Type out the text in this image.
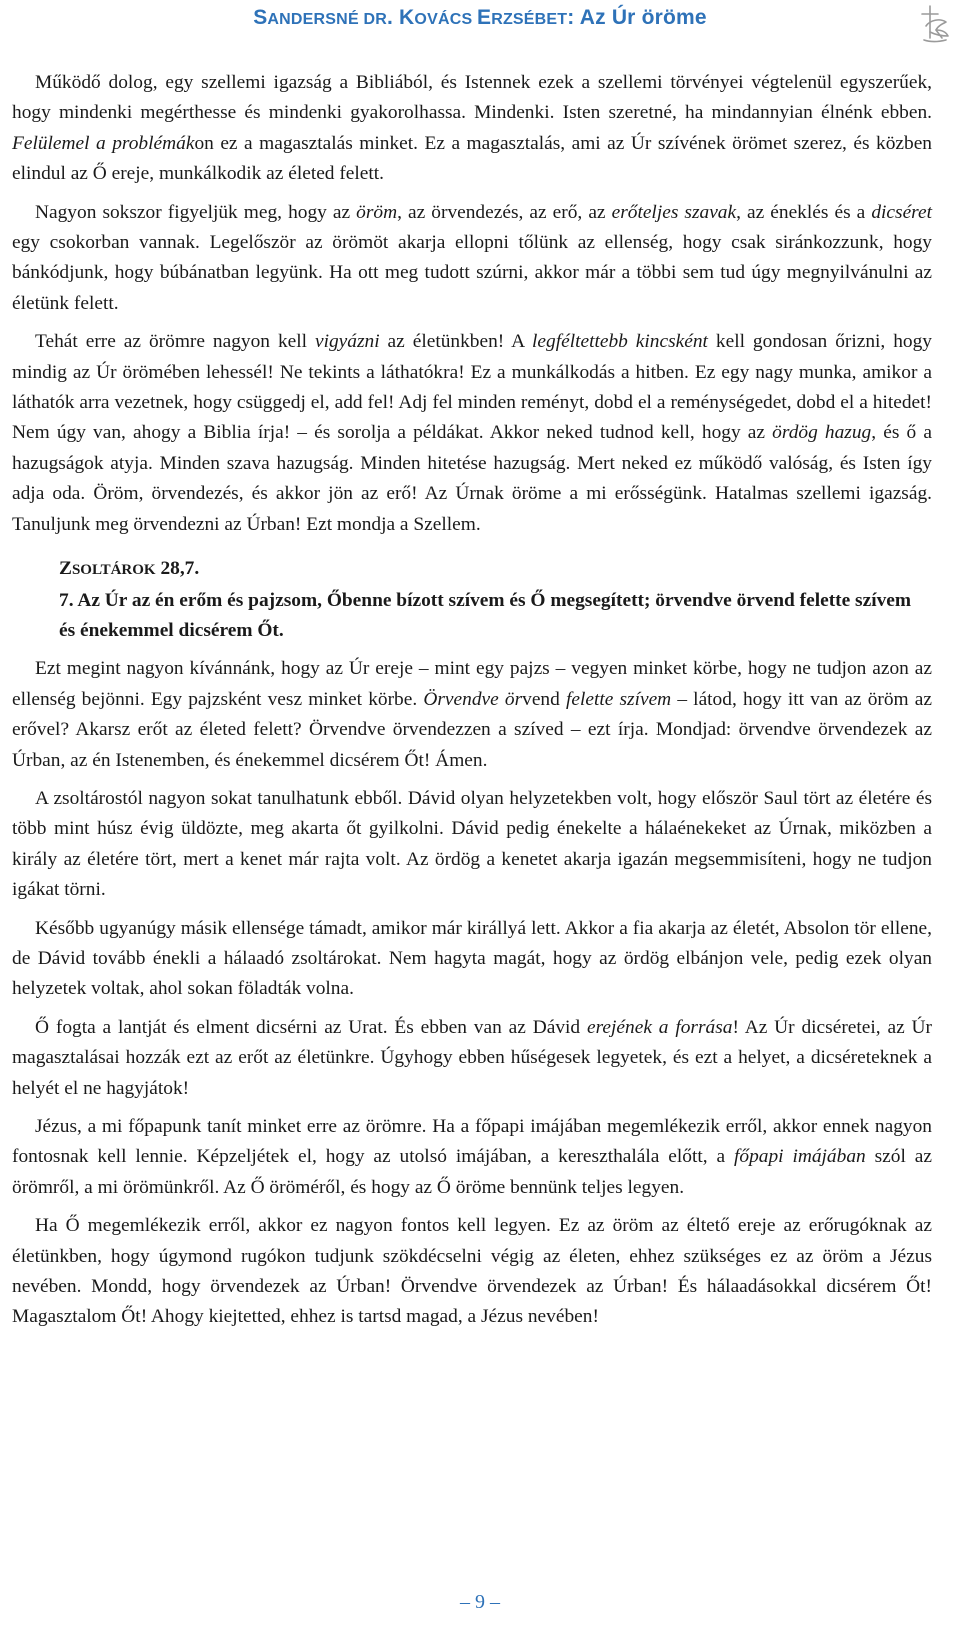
SANDERSNÉ DR. KOVÁCS ERZSÉBET: Az Úr öröme

Működő dolog, egy szellemi igazság a Bibliából, és Istennek ezek a szellemi törvényei végtelenül egyszerűek, hogy mindenki megérthesse és mindenki gyakorolhassa. Mindenki. Isten szeretné, ha mindannyian élnénk ebben. Felülemel a problémákon ez a magasztalás minket. Ez a magasztalás, ami az Úr szívének örömet szerez, és közben elindul az Ő ereje, munkálkodik az életed felett.

Nagyon sokszor figyeljük meg, hogy az öröm, az örvendezés, az erő, az erőteljes szavak, az éneklés és a dicséret egy csokorban vannak. Legelőször az örömöt akarja ellopni tőlünk az ellenség, hogy csak siránkozzunk, hogy bánkódjunk, hogy búbánatban legyünk. Ha ott meg tudott szúrni, akkor már a többi sem tud úgy megnyilvánulni az életünk felett.

Tehát erre az örömre nagyon kell vigyázni az életünkben! A legféltettebb kincsként kell gondosan őrizni, hogy mindig az Úr örömében lehessél! Ne tekints a láthatókra! Ez a munkálkodás a hitben. Ez egy nagy munka, amikor a láthatók arra vezetnek, hogy csüggedj el, add fel! Adj fel minden reményt, dobd el a reménységedet, dobd el a hitedet! Nem úgy van, ahogy a Biblia írja! – és sorolja a példákat. Akkor neked tudnod kell, hogy az ördög hazug, és ő a hazugságok atyja. Minden szava hazugság. Minden hitetése hazugság. Mert neked ez működő valóság, és Isten így adja oda. Öröm, örvendezés, és akkor jön az erő! Az Úrnak öröme a mi erősségünk. Hatalmas szellemi igazság. Tanuljunk meg örvendezni az Úrban! Ezt mondja a Szellem.

ZSOLTÁROK 28,7.
7. Az Úr az én erőm és pajzsom, Őbenne bízott szívem és Ő megsegített; örvendve örvend felette szívem és énekemmel dicsérem Őt.

Ezt megint nagyon kívánnánk, hogy az Úr ereje – mint egy pajzs – vegyen minket körbe, hogy ne tudjon azon az ellenség bejönni. Egy pajzsként vesz minket körbe. Örvendve örvend felette szívem – látod, hogy itt van az öröm az erővel? Akarsz erőt az életed felett? Örvendve örvendezzen a szíved – ezt írja. Mondjad: örvendve örvendezek az Úrban, az én Istenemben, és énekemmel dicsérem Őt! Ámen.

A zsoltárostól nagyon sokat tanulhatunk ebből. Dávid olyan helyzetekben volt, hogy először Saul tört az életére és több mint húsz évig üldözte, meg akarta őt gyilkolni. Dávid pedig énekelte a hálaénekeket az Úrnak, miközben a király az életére tört, mert a kenet már rajta volt. Az ördög a kenetet akarja igazán megsemmisíteni, hogy ne tudjon igákat törni.

Később ugyanúgy másik ellensége támadt, amikor már királlyá lett. Akkor a fia akarja az életét, Absolon tör ellene, de Dávid tovább énekli a hálaadó zsoltárokat. Nem hagyta magát, hogy az ördög elbánjon vele, pedig ezek olyan helyzetek voltak, ahol sokan föladták volna.

Ő fogta a lantját és elment dicsérni az Urat. És ebben van az Dávid erejének a forrása! Az Úr dicséretei, az Úr magasztalásai hozzák ezt az erőt az életünkre. Úgyhogy ebben hűségesek legyetek, és ezt a helyet, a dicséreteknek a helyét el ne hagyjátok!

Jézus, a mi főpapunk tanít minket erre az örömre. Ha a főpapi imájában megemlékezik erről, akkor ennek nagyon fontosnak kell lennie. Képzeljétek el, hogy az utolsó imájában, a kereszthalála előtt, a főpapi imájában szól az örömről, a mi örömünkről. Az Ő öröméről, és hogy az Ő öröme bennünk teljes legyen.

Ha Ő megemlékezik erről, akkor ez nagyon fontos kell legyen. Ez az öröm az éltető ereje az erőrugóknak az életünkben, hogy úgymond rugókon tudjunk szökdécselni végig az életen, ehhez szükséges ez az öröm a Jézus nevében. Mondd, hogy örvendezek az Úrban! Örvendve örvendezek az Úrban! És hálaadásokkal dicsérem Őt! Magasztalom Őt! Ahogy kiejtetted, ehhez is tartsd magad, a Jézus nevében!

– 9 –
